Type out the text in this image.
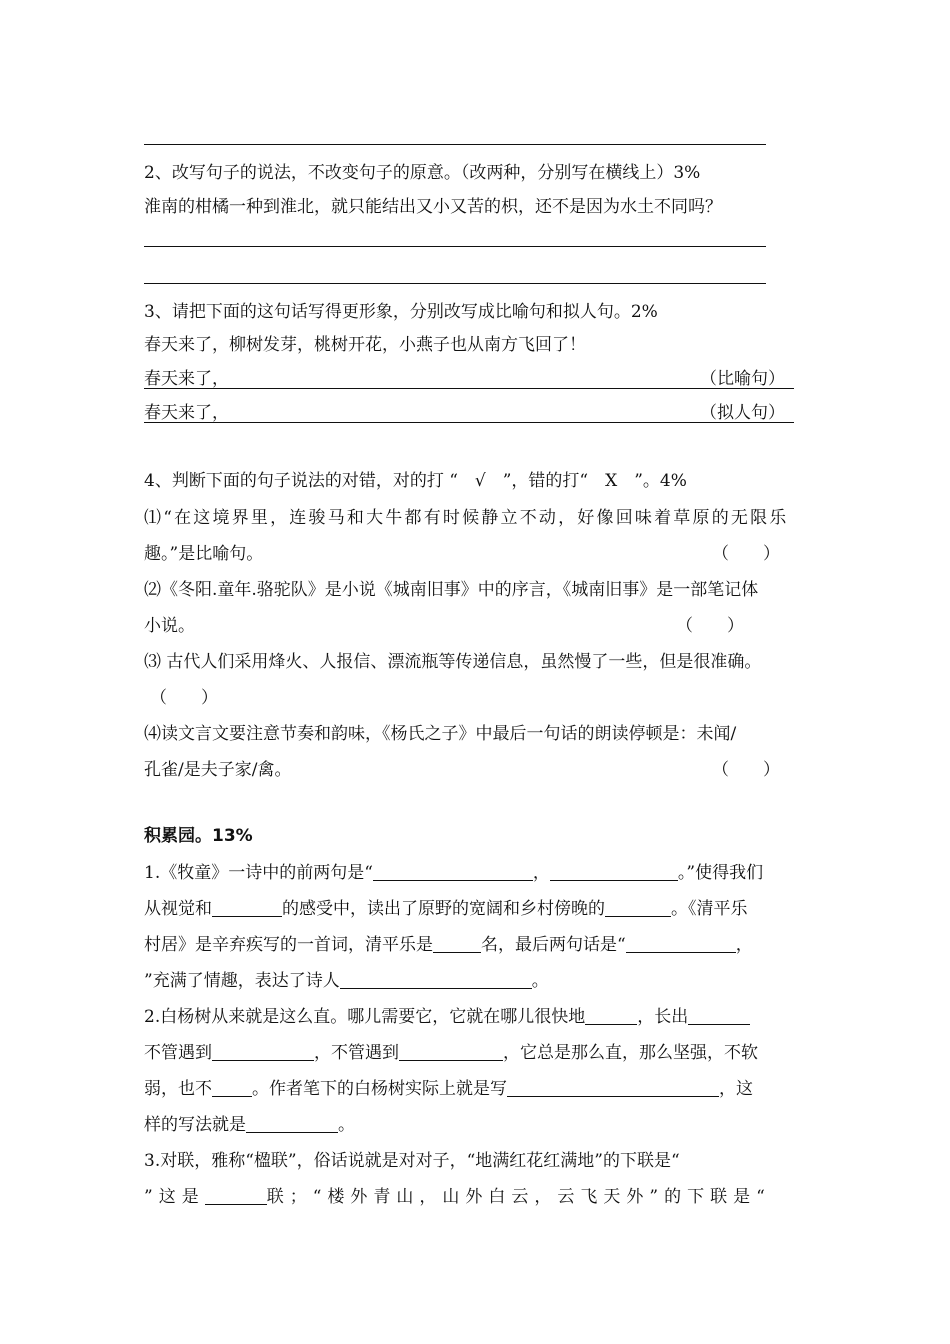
2、改写句子的说法，不改变句子的原意。（改两种，分别写在横线上）3%
淮南的柑橘一种到淮北，就只能结出又小又苦的枳，还不是因为水土不同吗？
3、请把下面的这句话写得更形象，分别改写成比喻句和拟人句。2%
春天来了，柳树发芽，桃树开花，小燕子也从南方飞回了！
春天来了，	（比喻句）
春天来了，	（拟人句）
4、判断下面的句子说法的对错，对的打 “　√　”，错的打“　X　”。4%
⑴“在这境界里，连骏马和大牛都有时候静立不动，好像回味着草原的无限乐
趣。”是比喻句。	（　　）
⑵《冬阳.童年.骆驼队》是小说《城南旧事》中的序言，《城南旧事》是一部笔记体
小说。	（　　）
⑶ 古代人们采用烽火、人报信、漂流瓶等传递信息，虽然慢了一些，但是很准确。
（　　）
⑷读文言文要注意节奏和韵味，《杨氏之子》中最后一句话的朗读停顿是：未闻/
孔雀/是夫子家/禽。	（　　）
积累园。13%
1.《牧童》一诗中的前两句是“	，	。”使得我们
从视觉和	的感受中，读出了原野的宽阔和乡村傍晚的	。《清平乐
村居》是辛弃疾写的一首词，清平乐是	名，最后两句话是“	，
”充满了情趣，表达了诗人	。
2.白杨树从来就是这么直。哪儿需要它，它就在哪儿很快地	，长出
不管遇到	，不管遇到	，它总是那么直，那么坚强，不软
弱，也不 。作者笔下的白杨树实际上就是写	，这
样的写法就是	。
3.对联，雅称“楹联”，俗话说就是对对子，“地满红花红满地”的下联是“
”这是	联；“楼外青山，山外白云，云飞天外”的下联是“
